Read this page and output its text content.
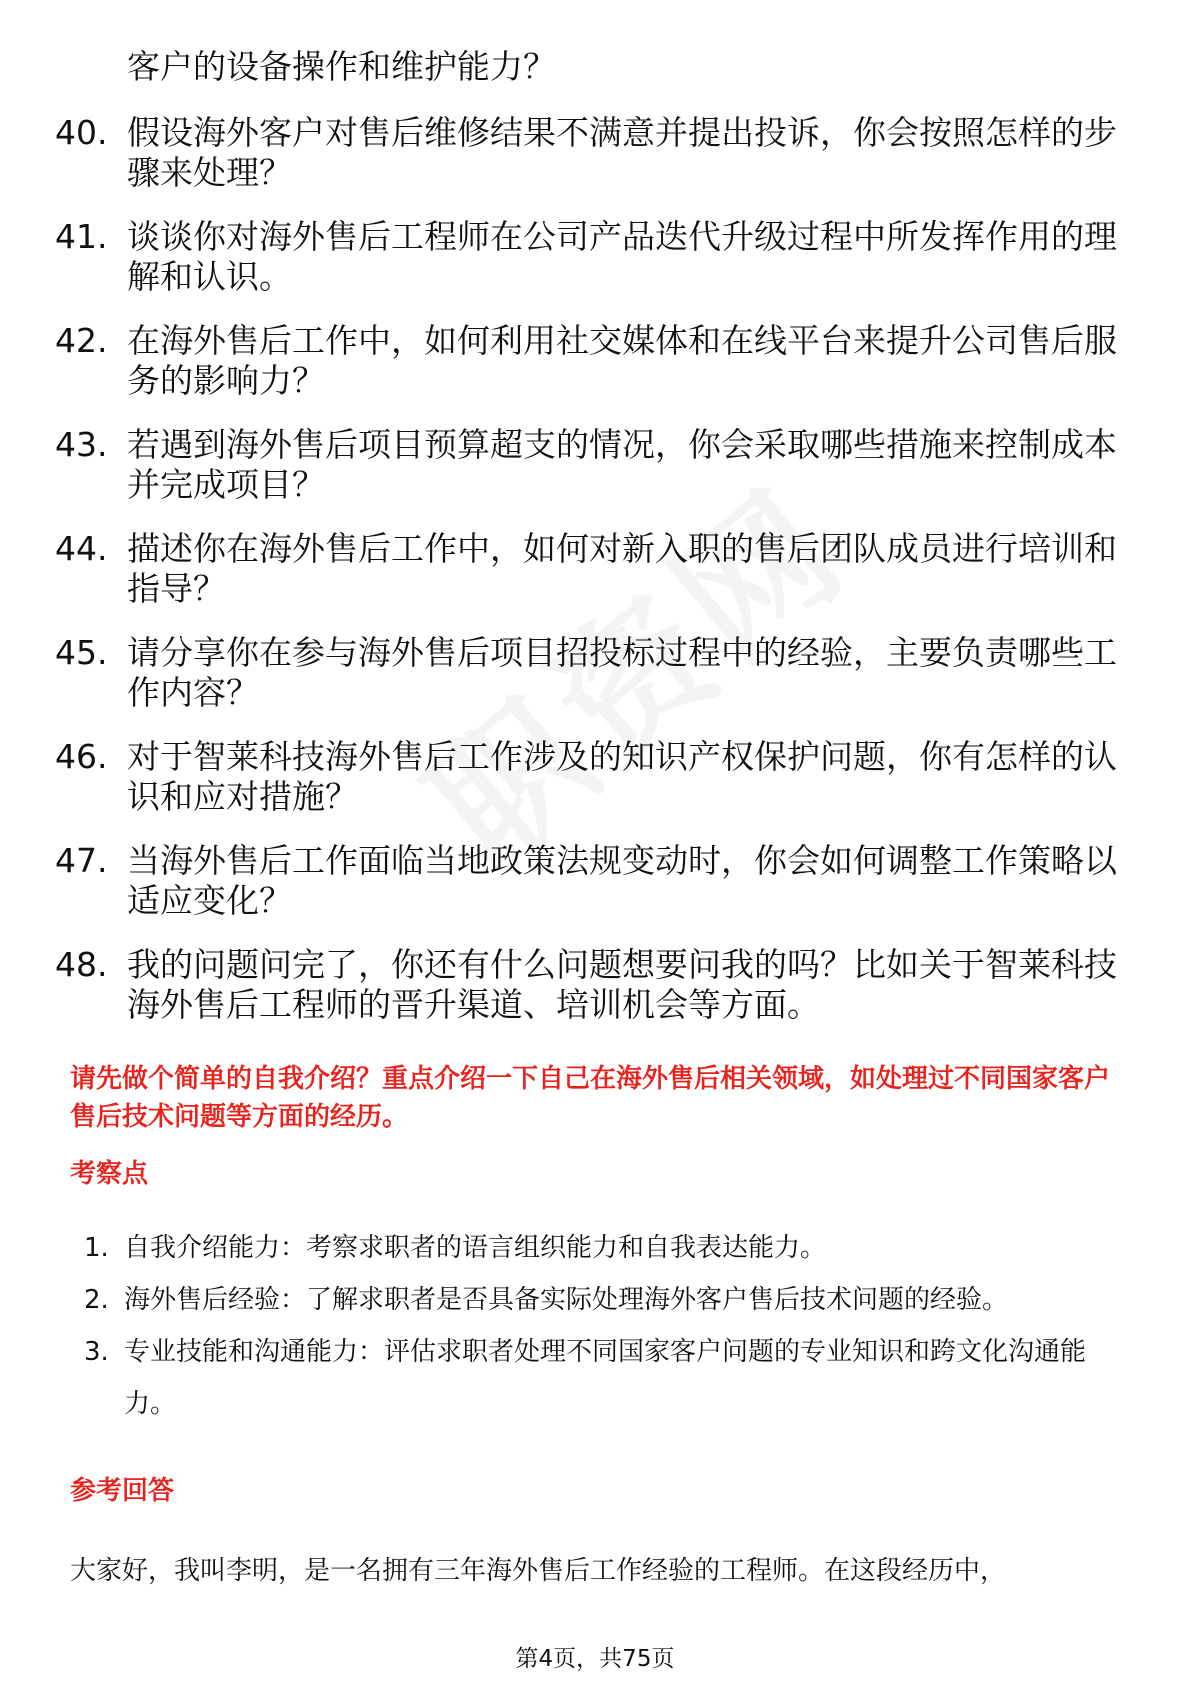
客户的设备操作和维护能力？
40. 假设海外客户对售后维修结果不满意并提出投诉，你会按照怎样的步骤来处理？
41. 谈谈你对海外售后工程师在公司产品迭代升级过程中所发挥作用的理解和认识。
42. 在海外售后工作中，如何利用社交媒体和在线平台来提升公司售后服务的影响力？
43. 若遇到海外售后项目预算超支的情况，你会采取哪些措施来控制成本并完成项目？
44. 描述你在海外售后工作中，如何对新入职的售后团队成员进行培训和指导？
45. 请分享你在参与海外售后项目招投标过程中的经验，主要负责哪些工作内容？
46. 对于智莱科技海外售后工作涉及的知识产权保护问题，你有怎样的认识和应对措施？
47. 当海外售后工作面临当地政策法规变动时，你会如何调整工作策略以适应变化？
48. 我的问题问完了，你还有什么问题想要问我的吗？比如关于智莱科技海外售后工程师的晋升渠道、培训机会等方面。
请先做个简单的自我介绍？重点介绍一下自己在海外售后相关领域，如处理过不同国家客户售后技术问题等方面的经历。
考察点
1. 自我介绍能力：考察求职者的语言组织能力和自我表达能力。
2. 海外售后经验：了解求职者是否具备实际处理海外客户售后技术问题的经验。
3. 专业技能和沟通能力：评估求职者处理不同国家客户问题的专业知识和跨文化沟通能力。
参考回答
大家好，我叫李明，是一名拥有三年海外售后工作经验的工程师。在这段经历中，
第4页，共75页
